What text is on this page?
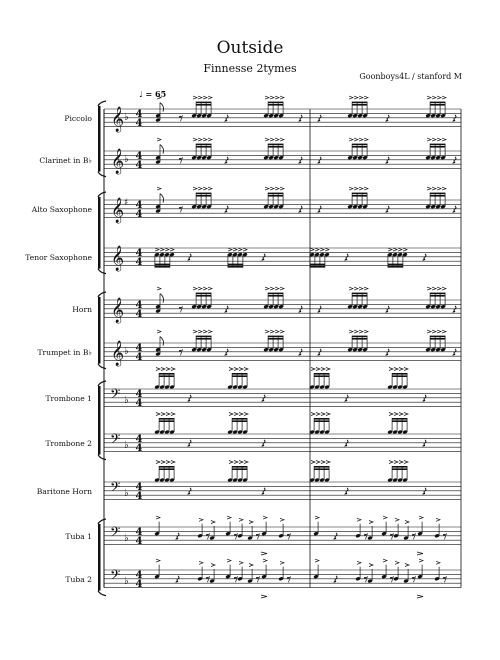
Outside
Finnesse 2tymes
Goonboys4L / stanford M
♩ = 65
Piccolo 𝄞 ♭ 4
4
Clarinet in B♭ 𝄞 ♭ 4
4
Alto Saxophone 𝄞 ♯ 4
4
Tenor Saxophone 𝄞 4
4
Horn 𝄞 4
4
Trumpet in B♭ 𝄞 ♭ 4
4
Trombone 1 𝄢 ♭
4
4
Trombone 2 𝄢 ♭
4
4
Baritone Horn 𝄢 ♭
4
4
Tuba 1 𝄢 ♭
4
4
Tuba 2 𝄢 ♭
4
4
